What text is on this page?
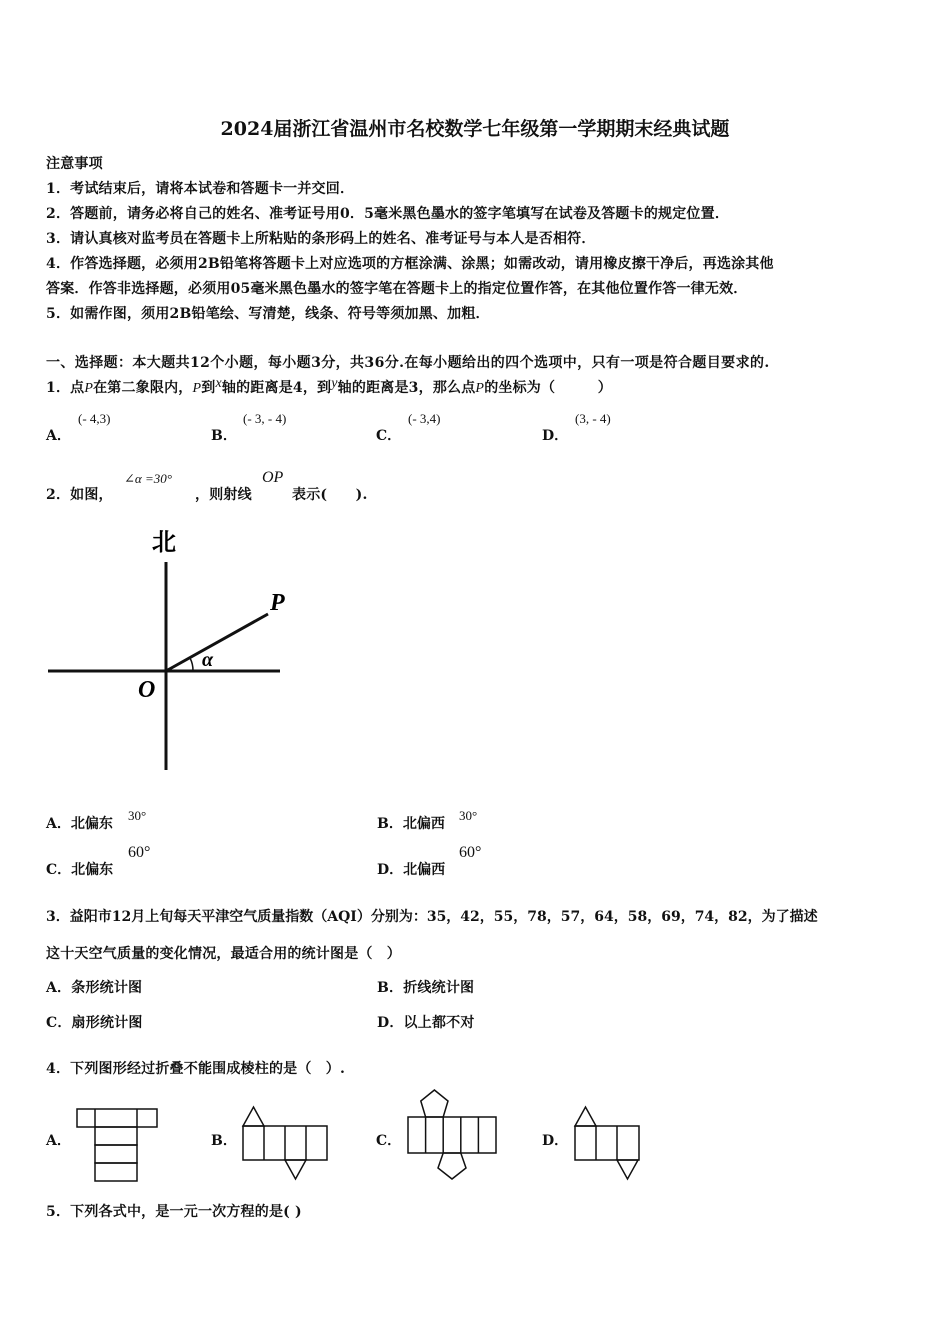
2024届浙江省温州市名校数学七年级第一学期期末经典试题
注意事项
1．考试结束后，请将本试卷和答题卡一并交回．
2．答题前，请务必将自己的姓名、准考证号用0．5毫米黑色墨水的签字笔填写在试卷及答题卡的规定位置．
3．请认真核对监考员在答题卡上所粘贴的条形码上的姓名、准考证号与本人是否相符．
4．作答选择题，必须用2B铅笔将答题卡上对应选项的方框涂满、涂黑；如需改动，请用橡皮擦干净后，再选涂其他
答案．作答非选择题，必须用05毫米黑色墨水的签字笔在答题卡上的指定位置作答，在其他位置作答一律无效．
5．如需作图，须用2B铅笔绘、写清楚，线条、符号等须加黑、加粗．
一、选择题：本大题共12个小题，每小题3分，共36分.在每小题给出的四个选项中，只有一项是符合题目要求的.
1．点P在第二象限内，P到x轴的距离是4，到y轴的距离是3，那么点P的坐标为（　　　）
A．
(- 4,3)
B．
(- 3, - 4)
C．
(- 3,4)
D．
(3, - 4)
2．如图，
∠α =30°
，则射线
OP
表示(　　).
北
P
O
α
A．北偏东
30°
B．北偏西
30°
C．北偏东
60°
D．北偏西
60°
3．益阳市12月上旬每天平津空气质量指数（AQI）分别为：35，42，55，78，57，64，58，69，74，82，为了描述
这十天空气质量的变化情况，最适合用的统计图是（　）
A．条形统计图	B．折线统计图
C．扇形统计图	D．以上都不对
4．下列图形经过折叠不能围成棱柱的是（　）.
A．	B．	C．	D．
5．下列各式中，是一元一次方程的是( )
